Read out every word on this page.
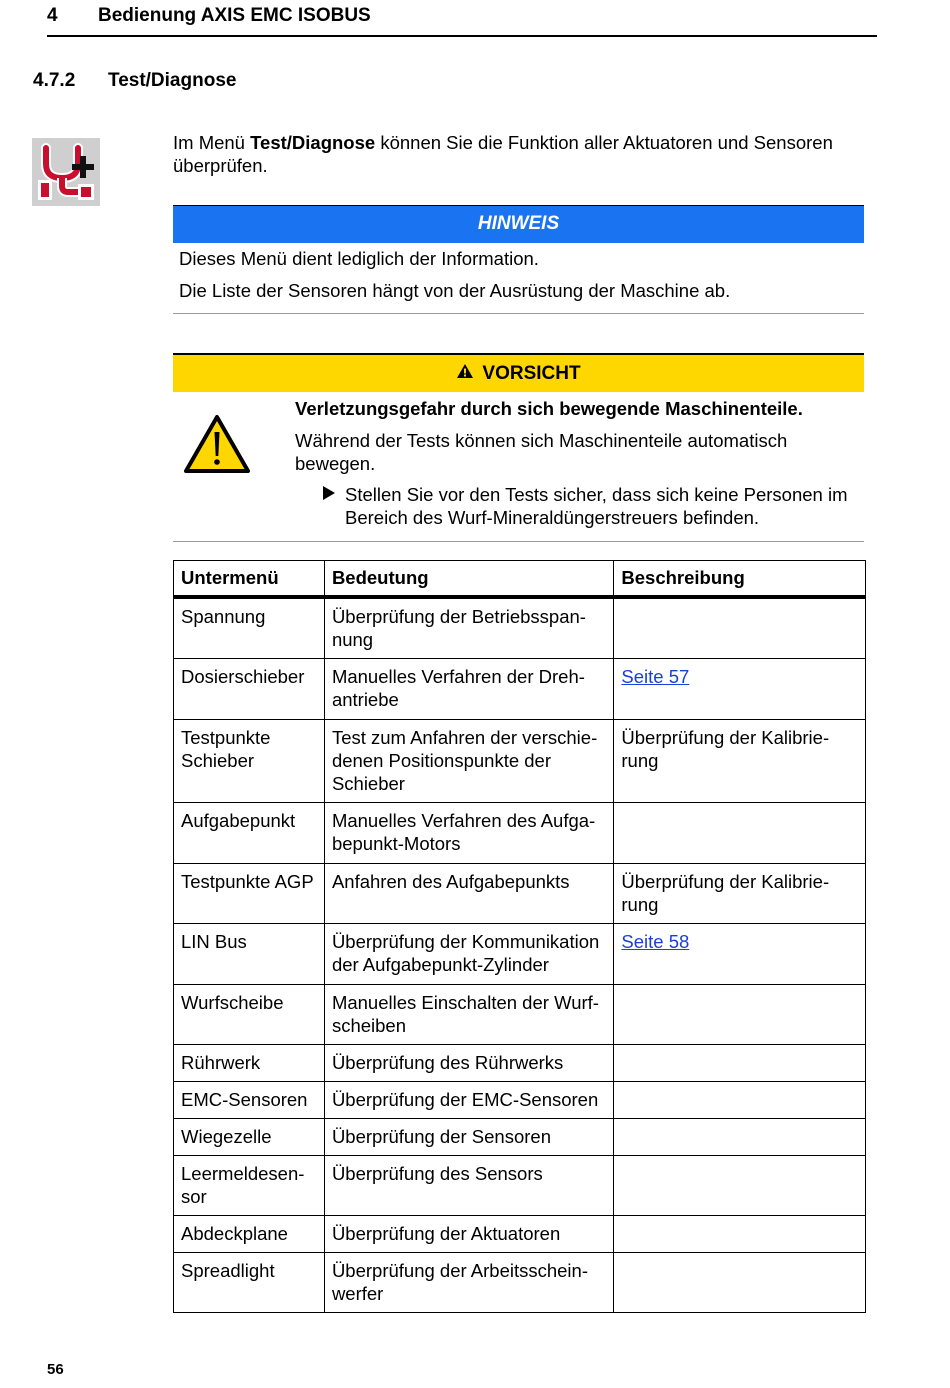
4 Bedienung AXIS EMC ISOBUS
4.7.2 Test/Diagnose
Im Menü Test/Diagnose können Sie die Funktion aller Aktuatoren und Sensoren überprüfen.
HINWEIS
Dieses Menü dient lediglich der Information.
Die Liste der Sensoren hängt von der Ausrüstung der Maschine ab.
VORSICHT
Verletzungsgefahr durch sich bewegende Maschinenteile.
Während der Tests können sich Maschinenteile automatisch bewegen.
Stellen Sie vor den Tests sicher, dass sich keine Personen im Bereich des Wurf-Mineraldüngerstreuers befinden.
Untermenü	Bedeutung	Beschreibung
Spannung	Überprüfung der Betriebsspan-nung	
Dosierschieber	Manuelles Verfahren der Dreh-antriebe	Seite 57
Testpunkte Schieber	Test zum Anfahren der verschie-denen Positionspunkte der Schieber	Überprüfung der Kalibrie-rung
Aufgabepunkt	Manuelles Verfahren des Aufga-bepunkt-Motors	
Testpunkte AGP	Anfahren des Aufgabepunkts	Überprüfung der Kalibrie-rung
LIN Bus	Überprüfung der Kommunikation der Aufgabepunkt-Zylinder	Seite 58
Wurfscheibe	Manuelles Einschalten der Wurf-scheiben	
Rührwerk	Überprüfung des Rührwerks	
EMC-Sensoren	Überprüfung der EMC-Sensoren	
Wiegezelle	Überprüfung der Sensoren	
Leermeldesen-sor	Überprüfung des Sensors	
Abdeckplane	Überprüfung der Aktuatoren	
Spreadlight	Überprüfung der Arbeitsschein-werfer	
56
